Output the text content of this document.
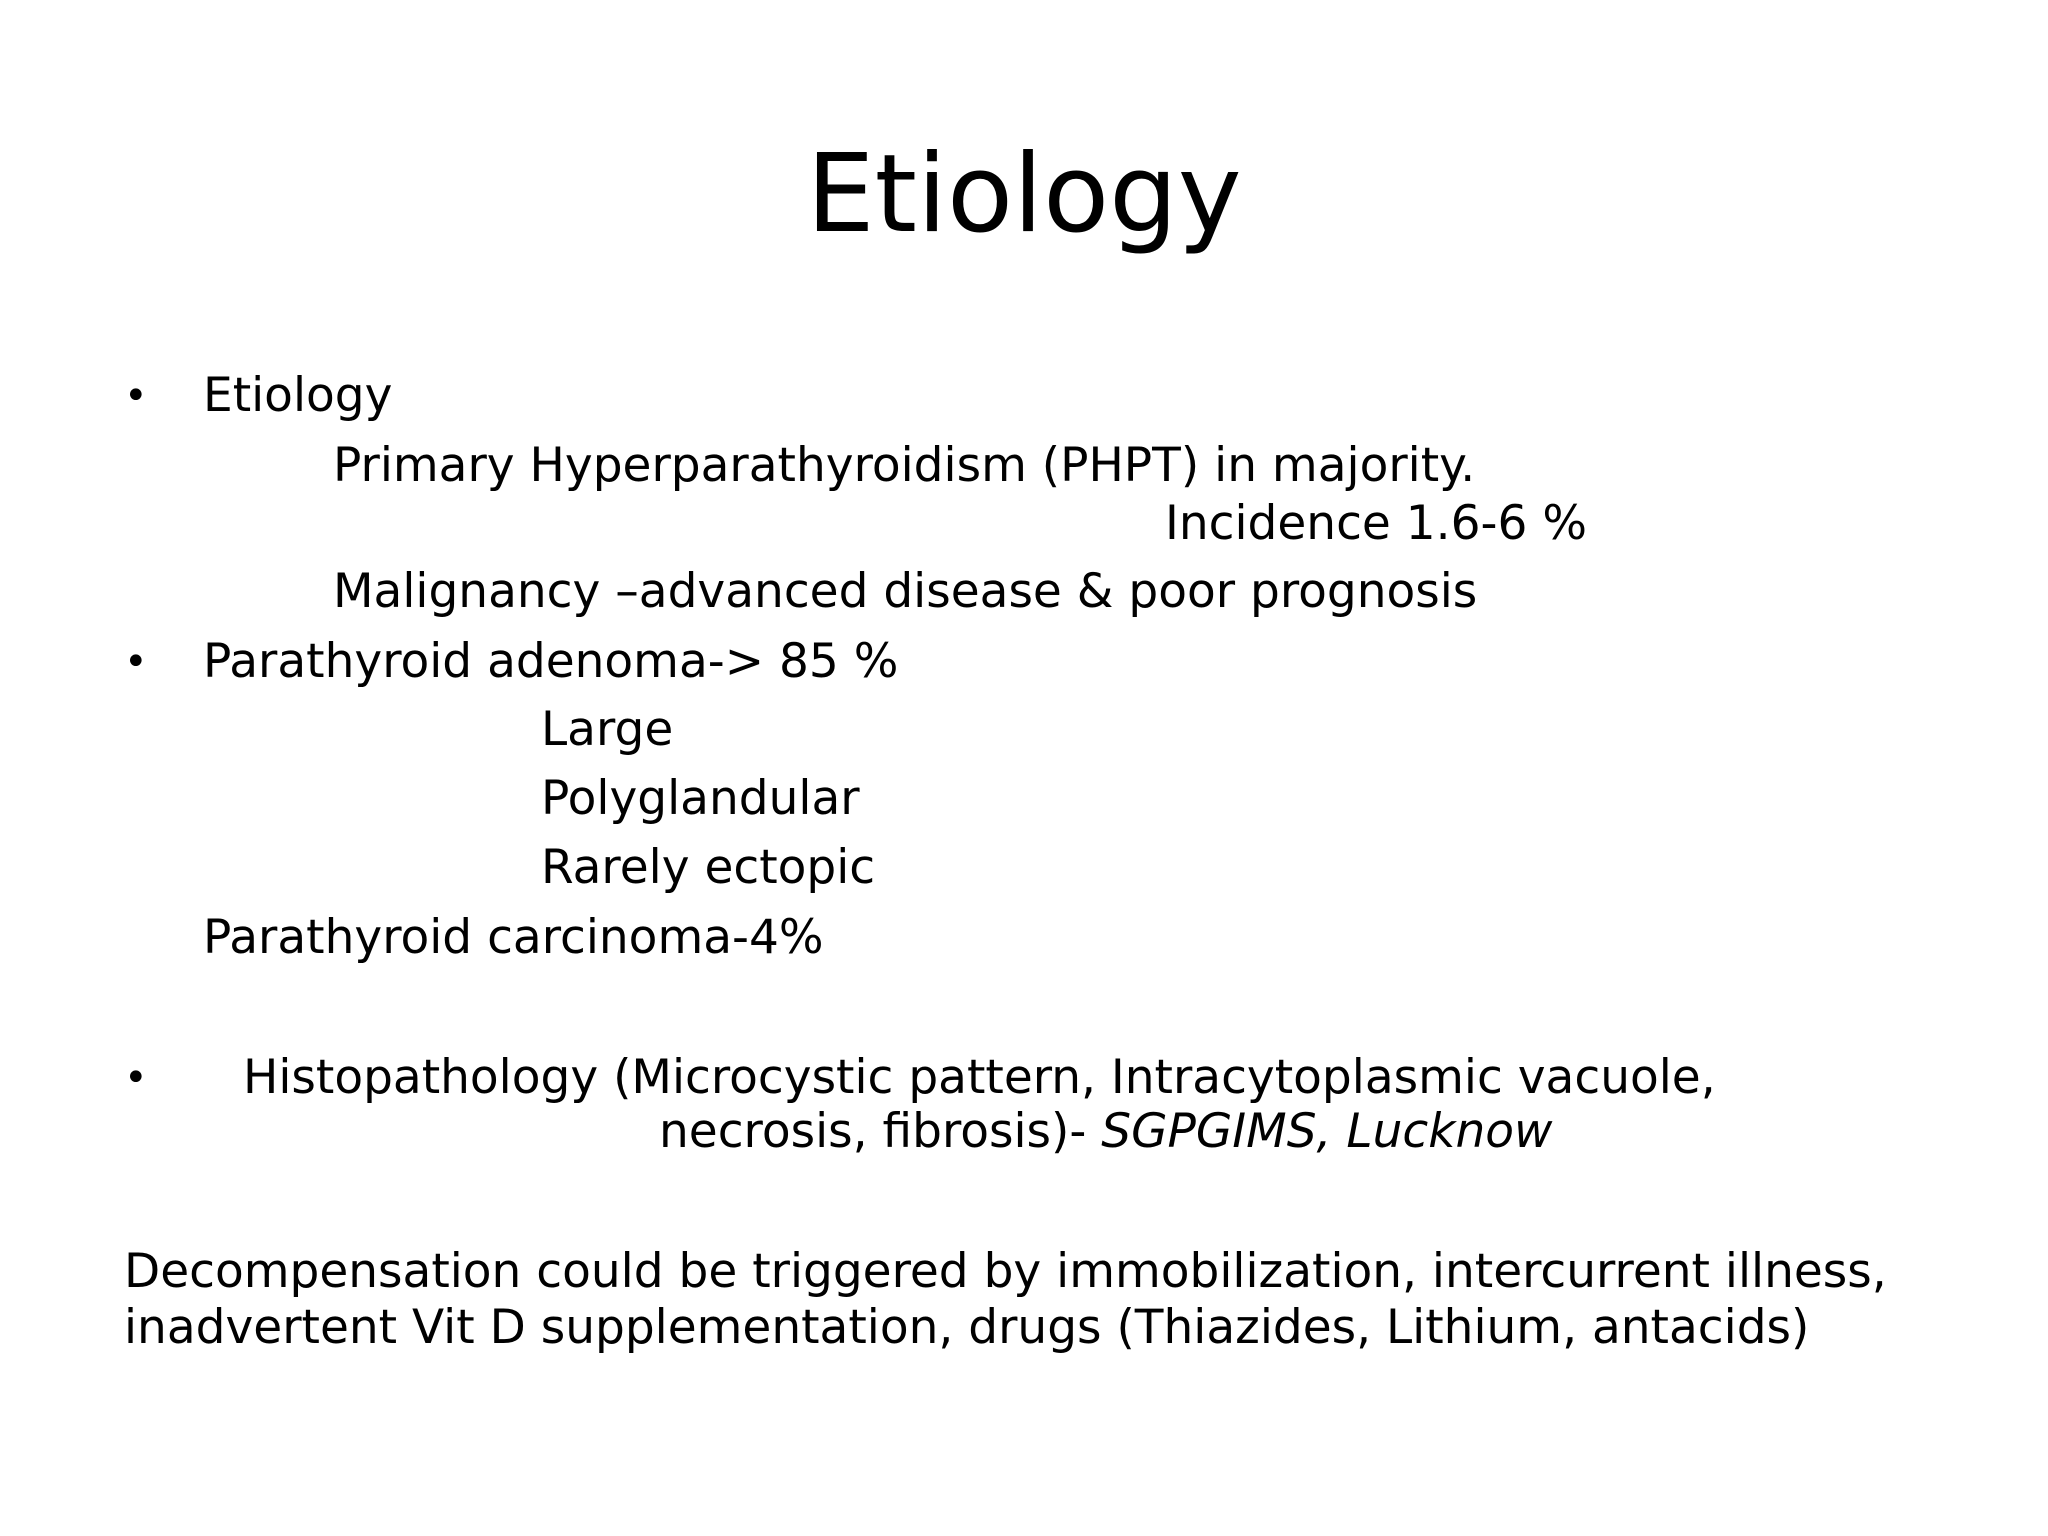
Etiology
• Etiology
Primary Hyperparathyroidism (PHPT) in majority.
Incidence 1.6-6 %
Malignancy –advanced disease & poor prognosis
• Parathyroid adenoma-> 85 %
Large
Polyglandular
Rarely ectopic
Parathyroid carcinoma-4%
• Histopathology (Microcystic pattern, Intracytoplasmic vacuole,
necrosis, fibrosis)- SGPGIMS, Lucknow
Decompensation could be triggered by immobilization, intercurrent illness,
inadvertent Vit D supplementation, drugs (Thiazides, Lithium, antacids)
